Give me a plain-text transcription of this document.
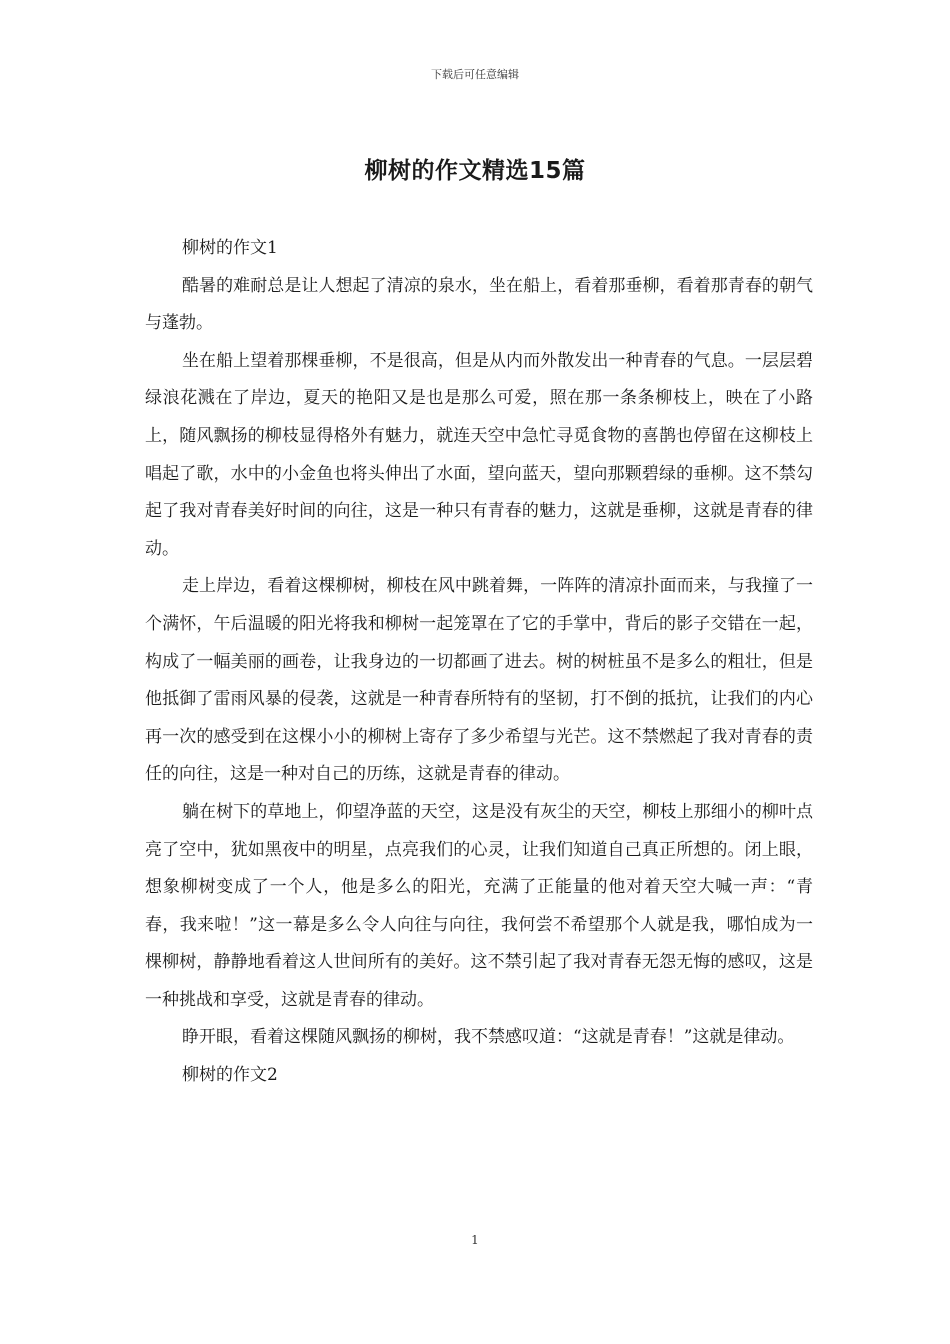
下载后可任意编辑
柳树的作文精选15篇

柳树的作文1

酷暑的难耐总是让人想起了清凉的泉水，坐在船上，看着那垂柳，看着那青春的朝气与蓬勃。

坐在船上望着那棵垂柳，不是很高，但是从内而外散发出一种青春的气息。一层层碧绿浪花溅在了岸边，夏天的艳阳又是也是那么可爱，照在那一条条柳枝上，映在了小路上，随风飘扬的柳枝显得格外有魅力，就连天空中急忙寻觅食物的喜鹊也停留在这柳枝上唱起了歌，水中的小金鱼也将头伸出了水面，望向蓝天，望向那颗碧绿的垂柳。这不禁勾起了我对青春美好时间的向往，这是一种只有青春的魅力，这就是垂柳，这就是青春的律动。

走上岸边，看着这棵柳树，柳枝在风中跳着舞，一阵阵的清凉扑面而来，与我撞了一个满怀，午后温暖的阳光将我和柳树一起笼罩在了它的手掌中，背后的影子交错在一起，构成了一幅美丽的画卷，让我身边的一切都画了进去。树的树桩虽不是多么的粗壮，但是他抵御了雷雨风暴的侵袭，这就是一种青春所特有的坚韧，打不倒的抵抗，让我们的内心再一次的感受到在这棵小小的柳树上寄存了多少希望与光芒。这不禁燃起了我对青春的责任的向往，这是一种对自己的历练，这就是青春的律动。

躺在树下的草地上，仰望净蓝的天空，这是没有灰尘的天空，柳枝上那细小的柳叶点亮了空中，犹如黑夜中的明星，点亮我们的心灵，让我们知道自己真正所想的。闭上眼，想象柳树变成了一个人，他是多么的阳光，充满了正能量的他对着天空大喊一声：“青春，我来啦！”这一幕是多么令人向往与向往，我何尝不希望那个人就是我，哪怕成为一棵柳树，静静地看着这人世间所有的美好。这不禁引起了我对青春无怨无悔的感叹，这是一种挑战和享受，这就是青春的律动。

睁开眼，看着这棵随风飘扬的柳树，我不禁感叹道：“这就是青春！”这就是律动。

柳树的作文2

1
